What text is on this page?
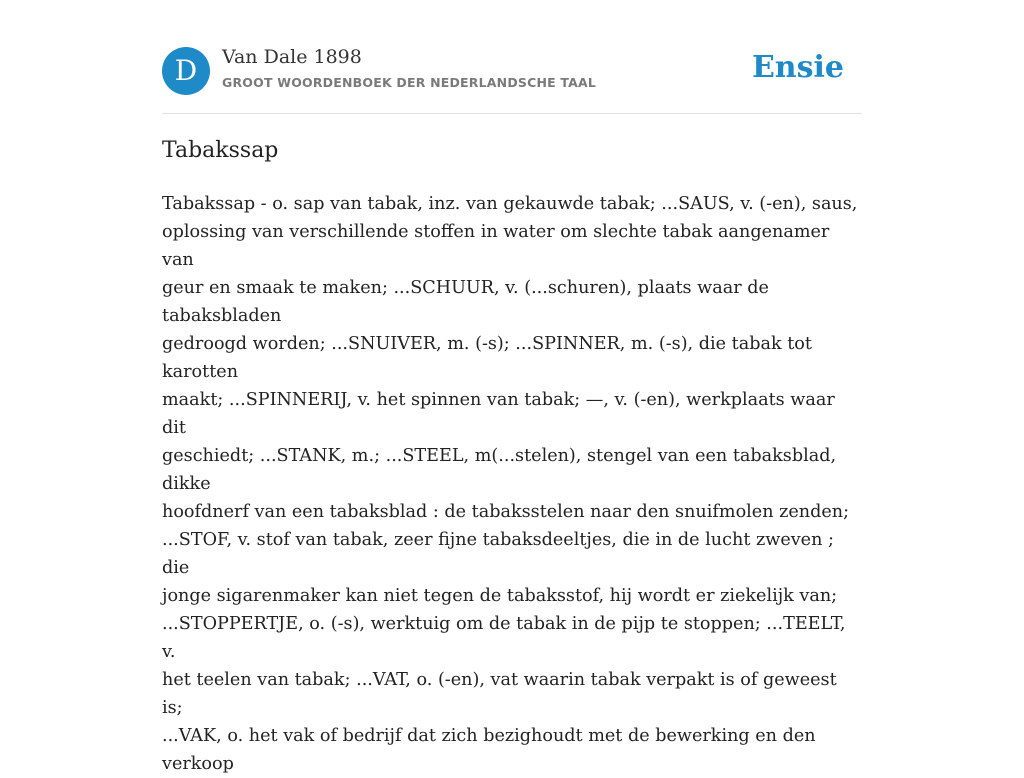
D	Van Dale 1898
GROOT WOORDENBOEK DER NEDERLANDSCHE TAAL	Ensie
Tabakssap

Tabakssap - o. sap van tabak, inz. van gekauwde tabak; ...SAUS, v. (-en), saus,
oplossing van verschillende stoffen in water om slechte tabak aangenamer van
geur en smaak te maken; ...SCHUUR, v. (...schuren), plaats waar de tabaksbladen
gedroogd worden; ...SNUIVER, m. (-s); ...SPINNER, m. (-s), die tabak tot karotten
maakt; ...SPINNERIJ, v. het spinnen van tabak; —, v. (-en), werkplaats waar dit
geschiedt; ...STANK, m.; ...STEEL, m(...stelen), stengel van een tabaksblad, dikke
hoofdnerf van een tabaksblad : de tabaksstelen naar den snuifmolen zenden;
...STOF, v. stof van tabak, zeer fijne tabaksdeeltjes, die in de lucht zweven ; die
jonge sigarenmaker kan niet tegen de tabaksstof, hij wordt er ziekelijk van;
...STOPPERTJE, o. (-s), werktuig om de tabak in de pijp te stoppen; ...TEELT, v.
het teelen van tabak; ...VAT, o. (-en), vat waarin tabak verpakt is of geweest is;
...VAK, o. het vak of bedrijf dat zich bezighoudt met de bewerking en den verkoop
